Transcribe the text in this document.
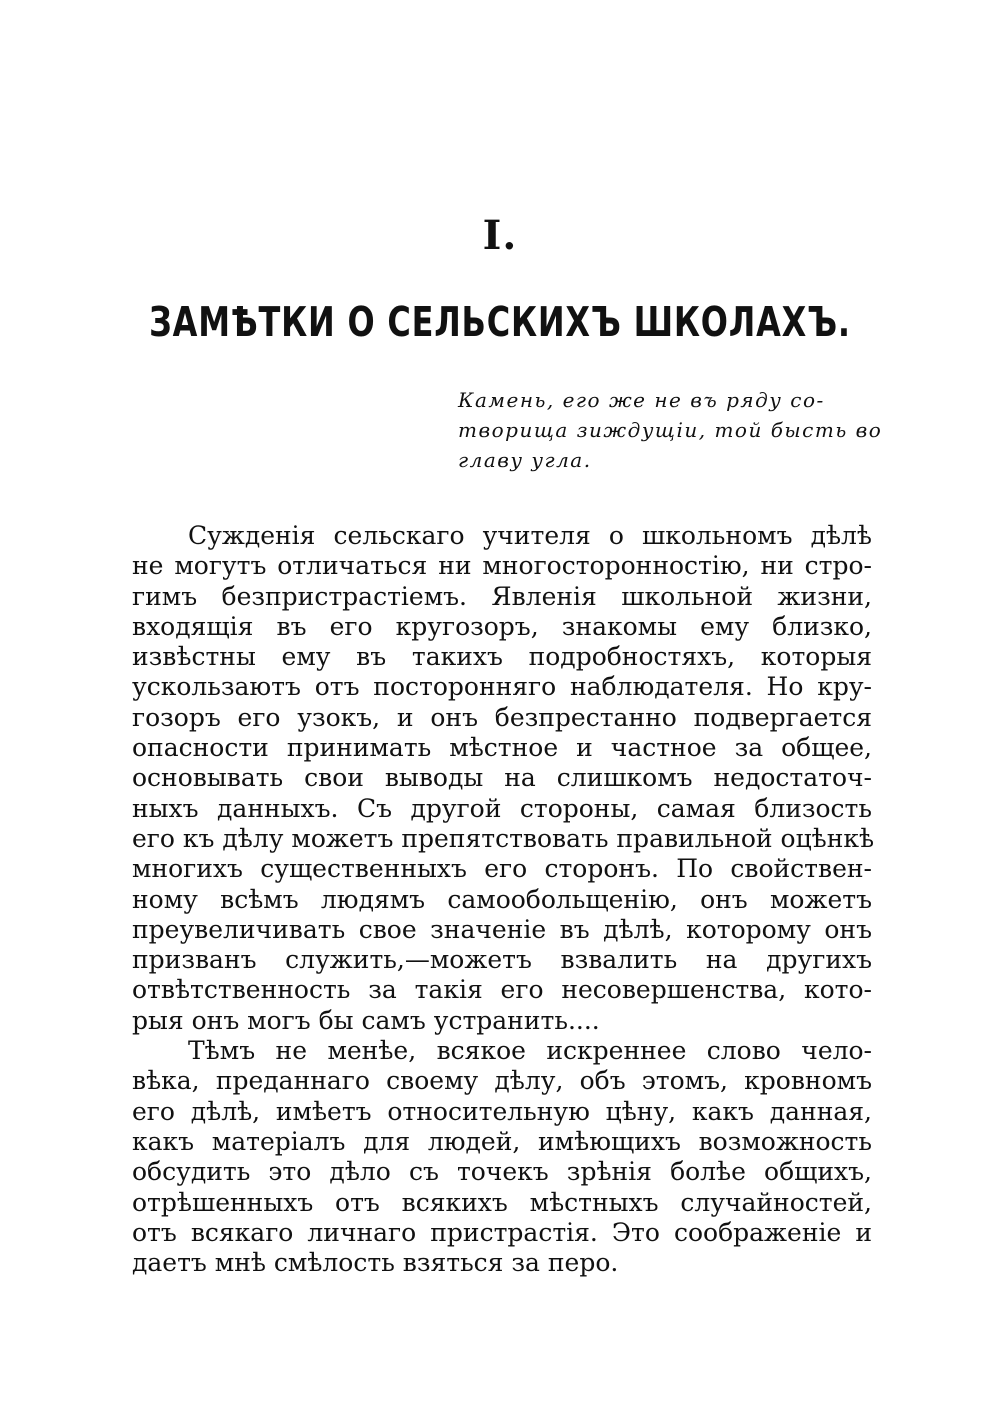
I.
ЗАМѢТКИ О СЕЛЬСКИХЪ ШКОЛАХЪ.
Камень, его же не въ ряду со-
творища зиждущіи, той бысть во
главу угла.
Сужденія сельскаго учителя о школьномъ дѣлѣ
не могутъ отличаться ни многосторонностію, ни стро-
гимъ безпристрастіемъ. Явленія школьной жизни,
входящія въ его кругозоръ, знакомы ему близко,
извѣстны ему въ такихъ подробностяхъ, которыя
ускользаютъ отъ посторонняго наблюдателя. Но кру-
гозоръ его узокъ, и онъ безпрестанно подвергается
опасности принимать мѣстное и частное за общее,
основывать свои выводы на слишкомъ недостаточ-
ныхъ данныхъ. Съ другой стороны, самая близость
его къ дѣлу можетъ препятствовать правильной оцѣнкѣ
многихъ существенныхъ его сторонъ. По свойствен-
ному всѣмъ людямъ самообольщенію, онъ можетъ
преувеличивать свое значеніе въ дѣлѣ, которому онъ
призванъ служить,—можетъ взвалить на другихъ
отвѣтственность за такія его несовершенства, кото-
рыя онъ могъ бы самъ устранить....
Тѣмъ не менѣе, всякое искреннее слово чело-
вѣка, преданнаго своему дѣлу, объ этомъ, кровномъ
его дѣлѣ, имѣетъ относительную цѣну, какъ данная,
какъ матеріалъ для людей, имѣющихъ возможность
обсудить это дѣло съ точекъ зрѣнія болѣе общихъ,
отрѣшенныхъ отъ всякихъ мѣстныхъ случайностей,
отъ всякаго личнаго пристрастія. Это соображеніе и
даетъ мнѣ смѣлость взяться за перо.
